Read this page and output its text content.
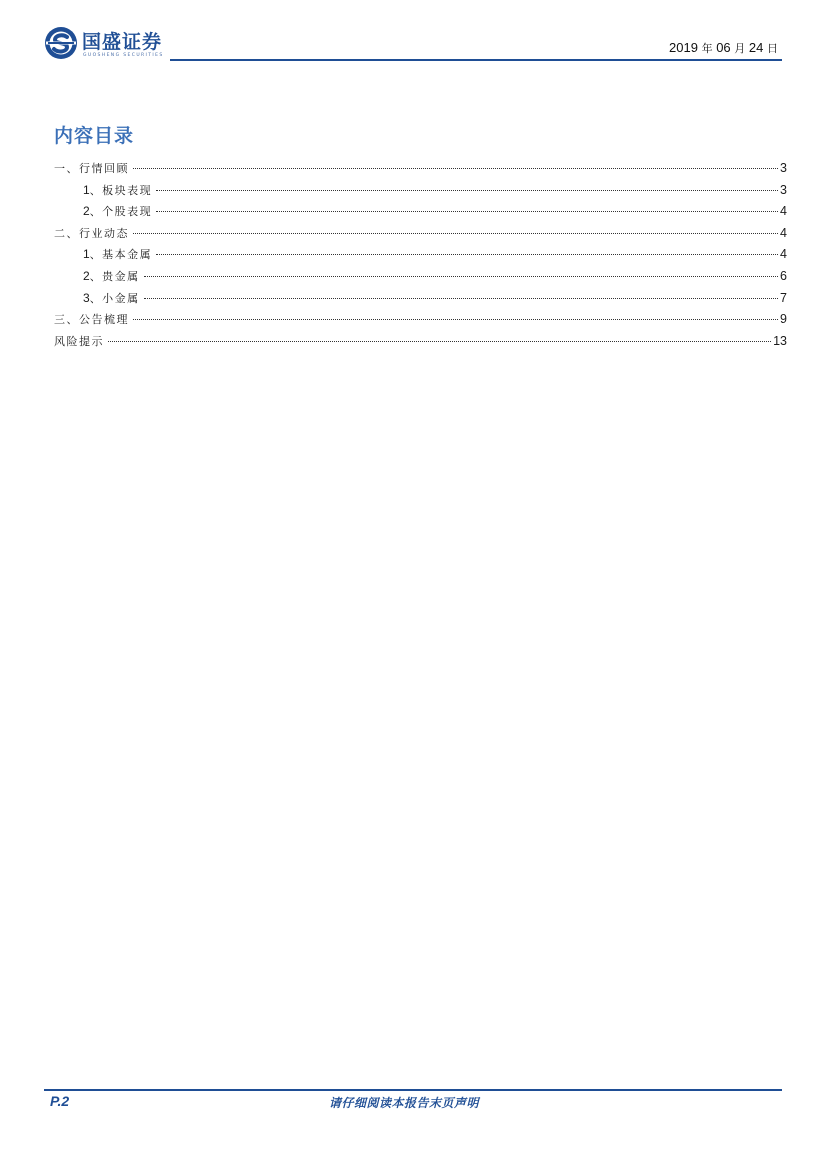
国盛证券
GUOSHENG SECURITIES
2019 年 06 月 24 日
内容目录
一、行情回顾	3
1、板块表现	3
2、个股表现	4
二、行业动态	4
1、基本金属	4
2、贵金属	6
3、小金属	7
三、公告梳理	9
风险提示	13
P.2	请仔细阅读本报告末页声明
